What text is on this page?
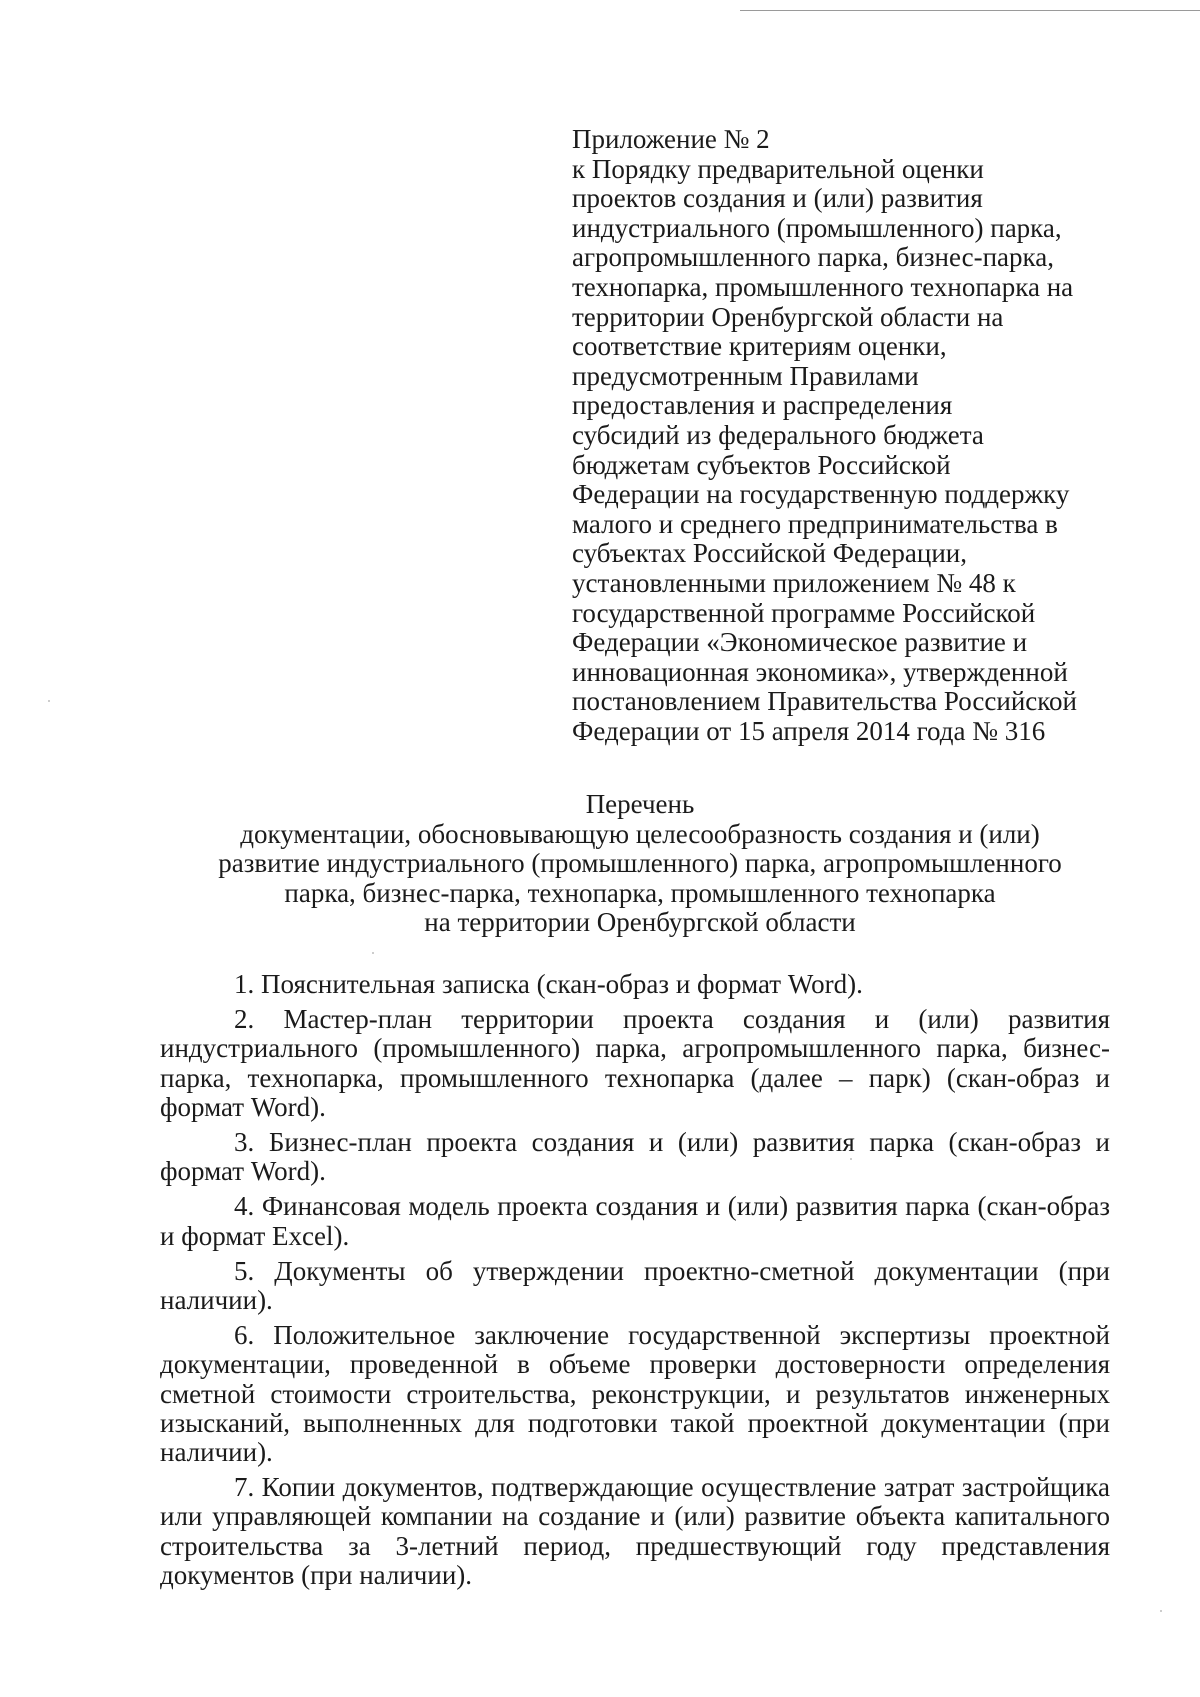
Приложение № 2
к Порядку предварительной оценки
проектов создания и (или) развития
индустриального (промышленного) парка,
агропромышленного парка, бизнес-парка,
технопарка, промышленного технопарка на
территории Оренбургской области на
соответствие критериям оценки,
предусмотренным Правилами
предоставления и распределения
субсидий из федерального бюджета
бюджетам субъектов Российской
Федерации на государственную поддержку
малого и среднего предпринимательства в
субъектах Российской Федерации,
установленными приложением № 48 к
государственной программе Российской
Федерации «Экономическое развитие и
инновационная экономика», утвержденной
постановлением Правительства Российской
Федерации от 15 апреля 2014 года № 316
Перечень
документации, обосновывающую целесообразность создания и (или)
развитие индустриального (промышленного) парка, агропромышленного
парка, бизнес-парка, технопарка, промышленного технопарка
на территории Оренбургской области

1. Пояснительная записка (скан-образ и формат Word).

2. Мастер-план территории проекта создания и (или) развития индустриального (промышленного) парка, агропромышленного парка, бизнес-парка, технопарка, промышленного технопарка (далее – парк) (скан-образ и формат Word).

3. Бизнес-план проекта создания и (или) развития парка (скан-образ и формат Word).

4. Финансовая модель проекта создания и (или) развития парка (скан-образ и формат Excel).

5. Документы об утверждении проектно-сметной документации (при наличии).

6. Положительное заключение государственной экспертизы проектной документации, проведенной в объеме проверки достоверности определения сметной стоимости строительства, реконструкции, и результатов инженерных изысканий, выполненных для подготовки такой проектной документации (при наличии).

7. Копии документов, подтверждающие осуществление затрат застройщика или управляющей компании на создание и (или) развитие объекта капитального строительства за 3-летний период, предшествующий году представления документов (при наличии).
